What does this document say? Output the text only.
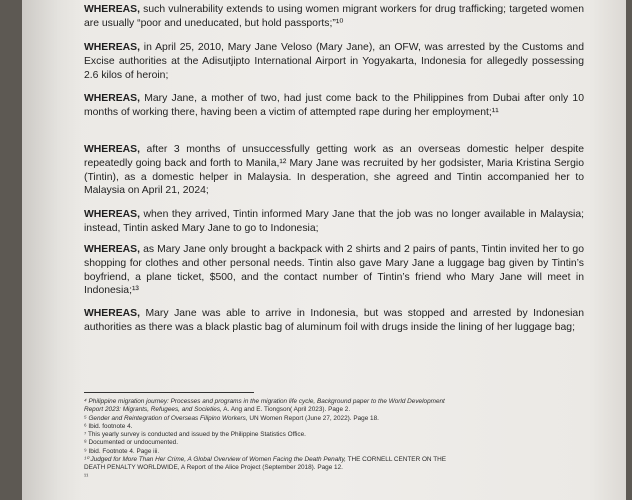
WHEREAS, such vulnerability extends to using women migrant workers for drug trafficking; targeted women are usually “poor and uneducated, but hold passports;”¹⁰

WHEREAS, in April 25, 2010, Mary Jane Veloso (Mary Jane), an OFW, was arrested by the Customs and Excise authorities at the Adisutjipto International Airport in Yogyakarta, Indonesia for allegedly possessing 2.6 kilos of heroin;

WHEREAS, Mary Jane, a mother of two, had just come back to the Philippines from Dubai after only 10 months of working there, having been a victim of attempted rape during her employment;¹¹

WHEREAS, after 3 months of unsuccessfully getting work as an overseas domestic helper despite repeatedly going back and forth to Manila,¹² Mary Jane was recruited by her godsister, Maria Kristina Sergio (Tintin), as a domestic helper in Malaysia. In desperation, she agreed and Tintin accompanied her to Malaysia on April 21, 2024;

WHEREAS, when they arrived, Tintin informed Mary Jane that the job was no longer available in Malaysia; instead, Tintin asked Mary Jane to go to Indonesia;

WHEREAS, as Mary Jane only brought a backpack with 2 shirts and 2 pairs of pants, Tintin invited her to go shopping for clothes and other personal needs. Tintin also gave Mary Jane a luggage bag given by Tintin’s boyfriend, a plane ticket, $500, and the contact number of Tintin’s friend who Mary Jane will meet in Indonesia;¹³

WHEREAS, Mary Jane was able to arrive in Indonesia, but was stopped and arrested by Indonesian authorities as there was a black plastic bag of aluminum foil with drugs inside the lining of her luggage bag;

⁴ Philippine migration journey: Processes and programs in the migration life cycle, Background paper to the World Development
Report 2023: Migrants, Refugees, and Societies, A. Ang and E. Tiongson( April 2023). Page 2.
⁵ Gender and Reintegration of Overseas Filipino Workers, UN Women Report (June 27, 2022). Page 18.
⁶ Ibid. footnote 4.
⁷ This yearly survey is conducted and issued by the Philippine Statistics Office.
⁸ Documented or undocumented.
⁹ Ibid. Footnote 4. Page iii.
¹⁰ Judged for More Than Her Crime, A Global Overview of Women Facing the Death Penalty, THE CORNELL CENTER ON THE
DEATH PENALTY WORLDWIDE, A Report of the Alice Project (September 2018). Page 12.
¹¹
